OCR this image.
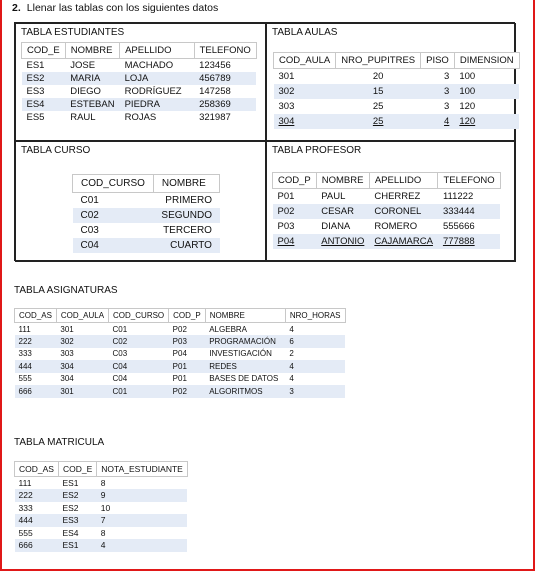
2. Llenar las tablas con los siguientes datos
TABLA ESTUDIANTES
COD_E	NOMBRE	APELLIDO	TELEFONO
ES1	JOSE	MACHADO	123456
ES2	MARIA	LOJA	456789
ES3	DIEGO	RODRÍGUEZ	147258
ES4	ESTEBAN	PIEDRA	258369
ES5	RAUL	ROJAS	321987
TABLA AULAS
COD_AULA	NRO_PUPITRES	PISO	DIMENSION
301	20	3	100
302	15	3	100
303	25	3	120
304	25	4	120
TABLA CURSO
COD_CURSO	NOMBRE
C01	PRIMERO
C02	SEGUNDO
C03	TERCERO
C04	CUARTO
TABLA PROFESOR
COD_P	NOMBRE	APELLIDO	TELEFONO
P01	PAUL	CHERREZ	111222
P02	CESAR	CORONEL	333444
P03	DIANA	ROMERO	555666
P04	ANTONIO	CAJAMARCA	777888
TABLA ASIGNATURAS
COD_AS	COD_AULA	COD_CURSO	COD_P	NOMBRE	NRO_HORAS
111	301	C01	P02	ALGEBRA	4
222	302	C02	P03	PROGRAMACIÓN	6
333	303	C03	P04	INVESTIGACIÓN	2
444	304	C04	P01	REDES	4
555	304	C04	P01	BASES DE DATOS	4
666	301	C01	P02	ALGORITMOS	3
TABLA MATRICULA
COD_AS	COD_E	NOTA_ESTUDIANTE
111	ES1	8
222	ES2	9
333	ES2	10
444	ES3	7
555	ES4	8
666	ES1	4
